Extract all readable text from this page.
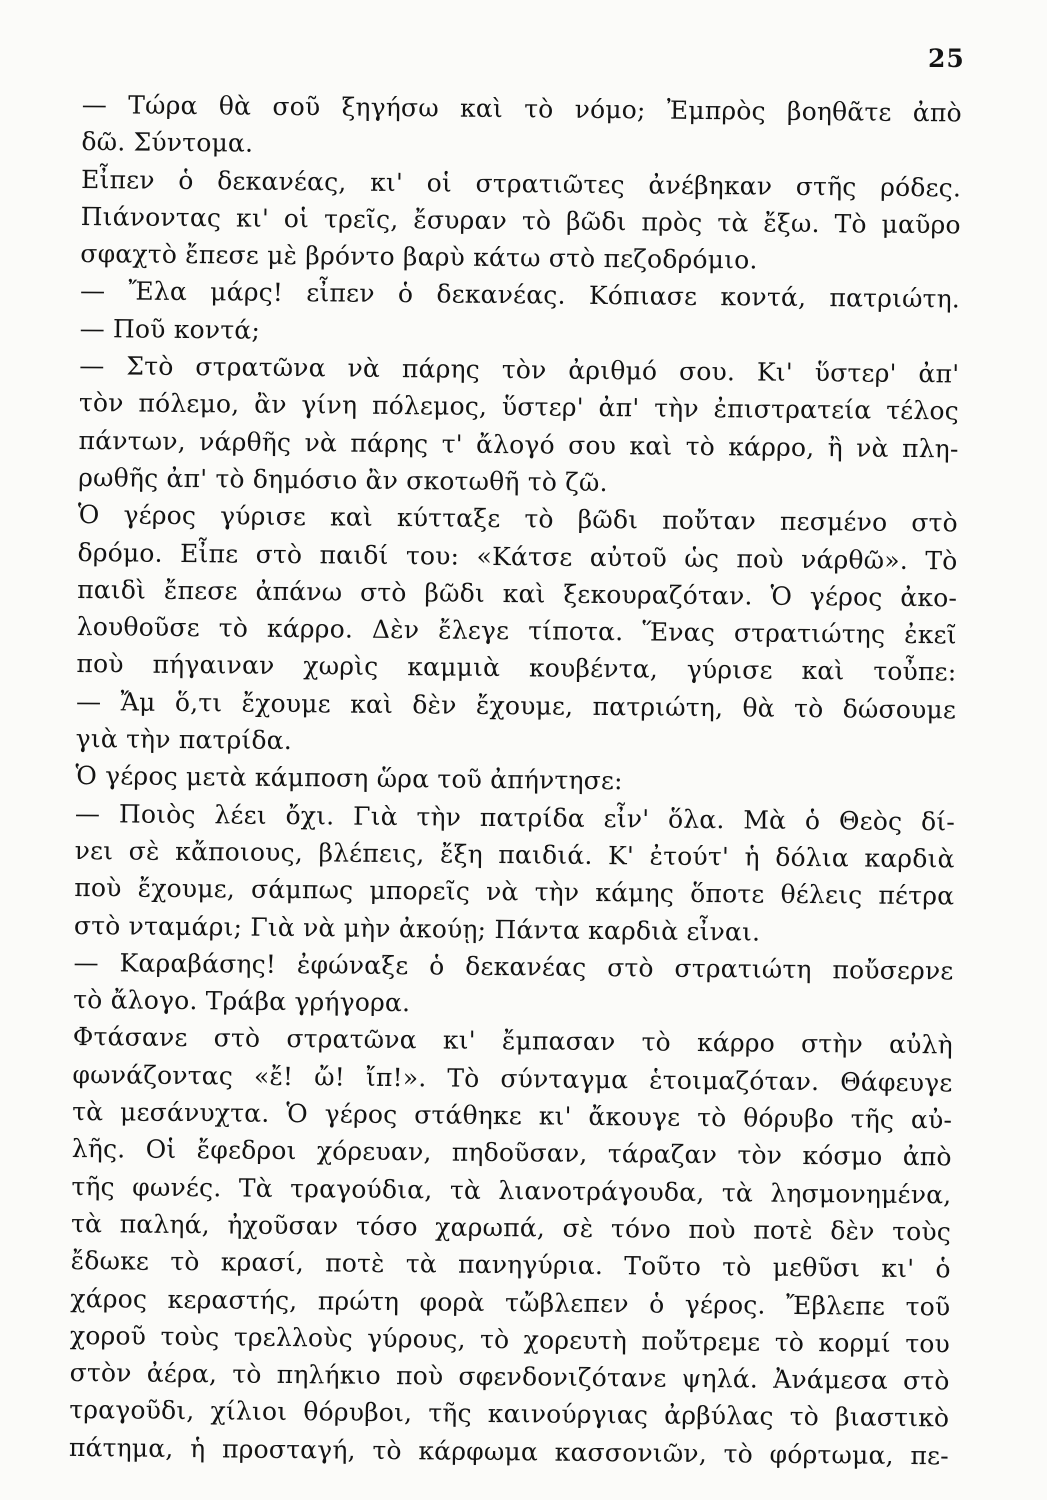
25
— Τώρα θὰ σοῦ ξηγήσω καὶ τὸ νόμο; Ἐμπρὸς βοηθᾶτε ἀπὸ
δῶ. Σύντομα.
Εἶπεν ὁ δεκανέας, κι' οἱ στρατιῶτες ἀνέβηκαν στῆς ρόδες.
Πιάνοντας κι' οἱ τρεῖς, ἔσυραν τὸ βῶδι πρὸς τὰ ἔξω. Τὸ μαῦρο
σφαχτὸ ἔπεσε μὲ βρόντο βαρὺ κάτω στὸ πεζοδρόμιο.
— Ἔλα μάρς! εἶπεν ὁ δεκανέας. Κόπιασε κοντά, πατριώτη.
— Ποῦ κοντά;
— Στὸ στρατῶνα νὰ πάρης τὸν ἀριθμό σου. Κι' ὕστερ' ἀπ'
τὸν πόλεμο, ἂν γίνη πόλεμος, ὕστερ' ἀπ' τὴν ἐπιστρατεία τέλος
πάντων, νάρθῆς νὰ πάρης τ' ἄλογό σου καὶ τὸ κάρρο, ἢ νὰ πλη-
ρωθῆς ἀπ' τὸ δημόσιο ἂν σκοτωθῆ τὸ ζῶ.
Ὁ γέρος γύρισε καὶ κύτταξε τὸ βῶδι ποὔταν πεσμένο στὸ
δρόμο. Εἶπε στὸ παιδί του: «Κάτσε αὐτοῦ ὡς ποὺ νάρθῶ». Τὸ
παιδὶ ἔπεσε ἀπάνω στὸ βῶδι καὶ ξεκουραζόταν. Ὁ γέρος ἀκο-
λουθοῦσε τὸ κάρρο. Δὲν ἔλεγε τίποτα. Ἕνας στρατιώτης ἐκεῖ
ποὺ πήγαιναν χωρὶς καμμιὰ κουβέντα, γύρισε καὶ τοὖπε:
— Ἄμ ὅ,τι ἔχουμε καὶ δὲν ἔχουμε, πατριώτη, θὰ τὸ δώσουμε
γιὰ τὴν πατρίδα.
Ὁ γέρος μετὰ κάμποση ὥρα τοῦ ἀπήντησε:
— Ποιὸς λέει ὄχι. Γιὰ τὴν πατρίδα εἶν' ὅλα. Μὰ ὁ Θεὸς δί-
νει σὲ κἄποιους, βλέπεις, ἔξη παιδιά. Κ' ἐτούτ' ἡ δόλια καρδιὰ
ποὺ ἔχουμε, σάμπως μπορεῖς νὰ τὴν κάμης ὅποτε θέλεις πέτρα
στὸ νταμάρι; Γιὰ νὰ μὴν ἀκούῃ; Πάντα καρδιὰ εἶναι.
— Καραβάσης! ἐφώναξε ὁ δεκανέας στὸ στρατιώτη ποὔσερνε
τὸ ἄλογο. Τράβα γρήγορα.
Φτάσανε στὸ στρατῶνα κι' ἔμπασαν τὸ κάρρο στὴν αὐλὴ
φωνάζοντας «ἔ! ὤ! ἴπ!». Τὸ σύνταγμα ἑτοιμαζόταν. Θάφευγε
τὰ μεσάνυχτα. Ὁ γέρος στάθηκε κι' ἄκουγε τὸ θόρυβο τῆς αὐ-
λῆς. Οἱ ἔφεδροι χόρευαν, πηδοῦσαν, τάραζαν τὸν κόσμο ἀπὸ
τῆς φωνές. Τὰ τραγούδια, τὰ λιανοτράγουδα, τὰ λησμονημένα,
τὰ παληά, ἠχοῦσαν τόσο χαρωπά, σὲ τόνο ποὺ ποτὲ δὲν τοὺς
ἔδωκε τὸ κρασί, ποτὲ τὰ πανηγύρια. Τοῦτο τὸ μεθῦσι κι' ὁ
χάρος κεραστής, πρώτη φορὰ τὤβλεπεν ὁ γέρος. Ἔβλεπε τοῦ
χοροῦ τοὺς τρελλοὺς γύρους, τὸ χορευτὴ ποὔτρεμε τὸ κορμί του
στὸν ἀέρα, τὸ πηλήκιο ποὺ σφενδονιζότανε ψηλά. Ἀνάμεσα στὸ
τραγοῦδι, χίλιοι θόρυβοι, τῆς καινούργιας ἀρβύλας τὸ βιαστικὸ
πάτημα, ἡ προσταγή, τὸ κάρφωμα κασσονιῶν, τὸ φόρτωμα, πε-
